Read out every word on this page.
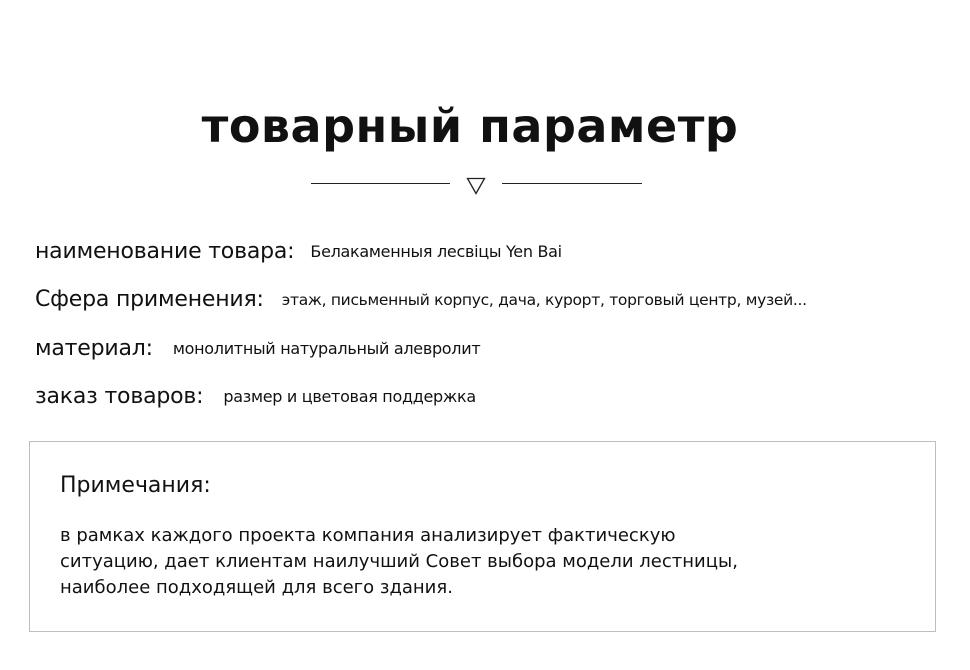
товарный параметр
наименование товара: Белакаменныя лесвiцы Yen Bai
Сфера применения: этаж, письменный корпус, дача, курорт, торговый центр, музей...
материал: монолитный натуральный алевролит
заказ товаров: размер и цветовая поддержка
Примечания:
в рамках каждого проекта компания анализирует фактическую
ситуацию, дает клиентам наилучший Совет выбора модели лестницы,
наиболее подходящей для всего здания.
